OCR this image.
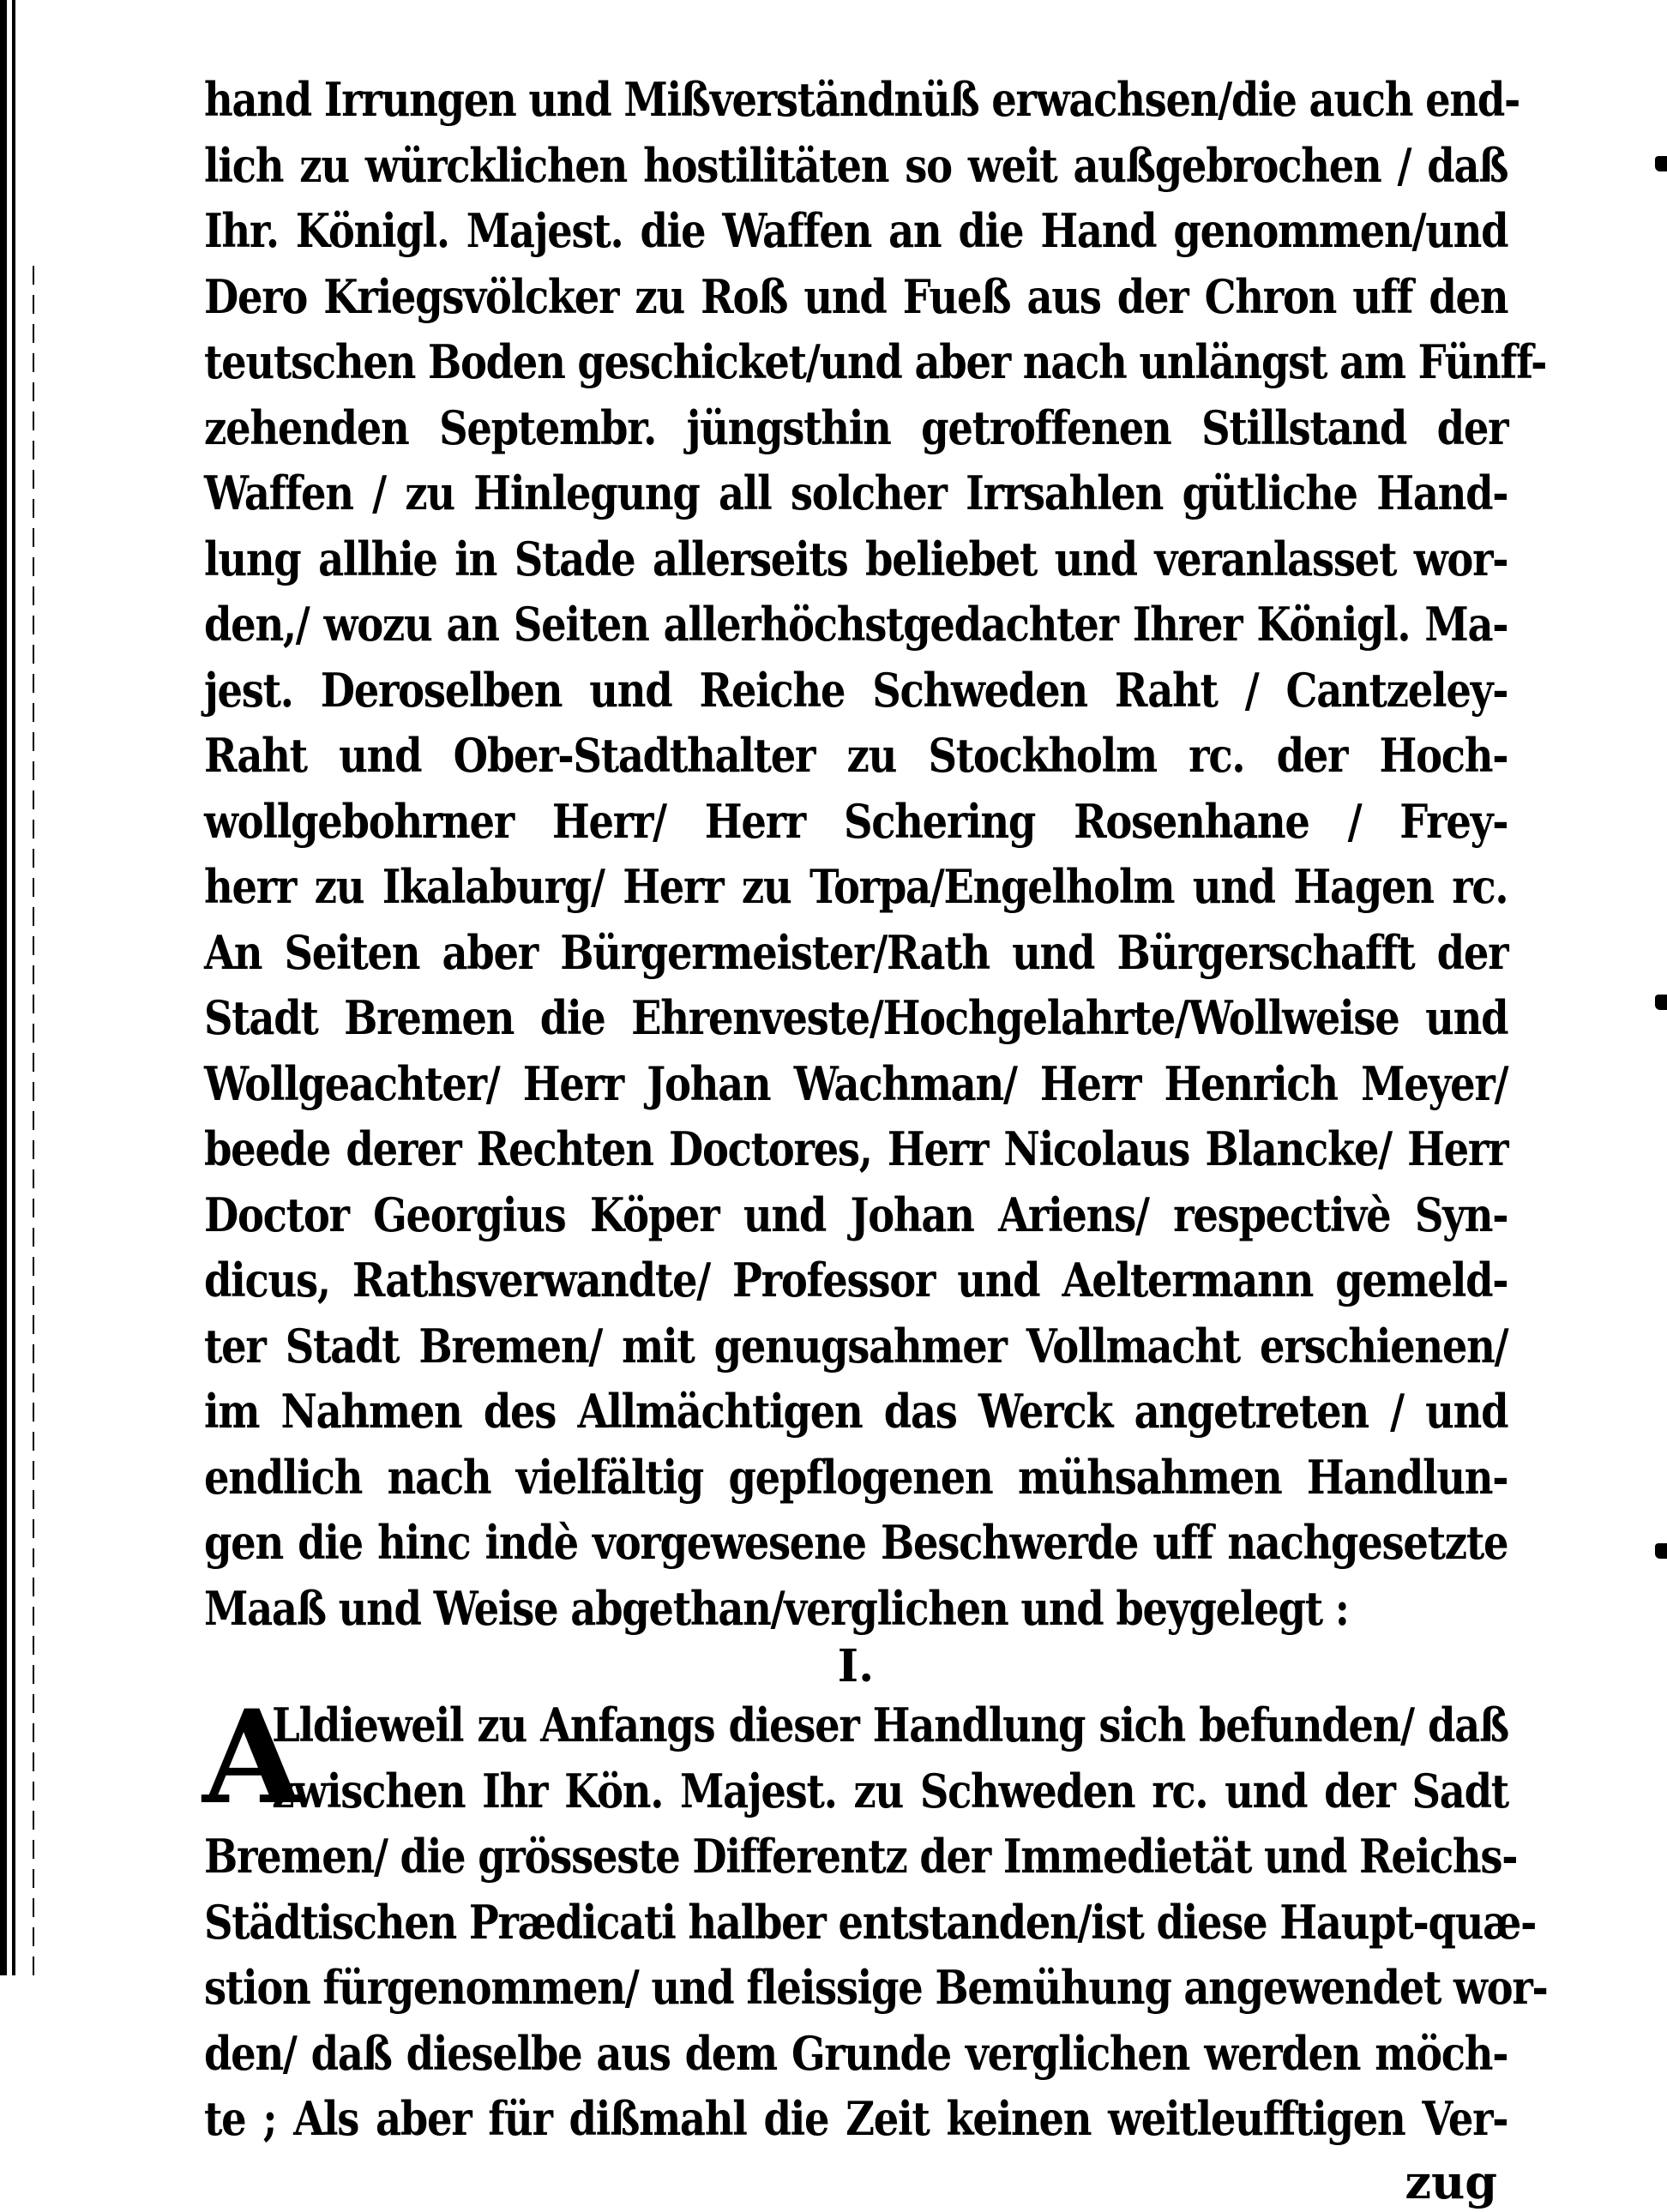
hand Irrungen und Mißverständnüß erwachsen/die auch end-
lich zu würcklichen hostilitäten so weit außgebrochen / daß
Ihr. Königl. Majest. die Waffen an die Hand genommen/und
Dero Kriegsvölcker zu Roß und Fueß aus der Chron uff den
teutschen Boden geschicket/und aber nach unlängst am Fünff-
zehenden Septembr. jüngsthin getroffenen Stillstand der
Waffen / zu Hinlegung all solcher Irrsahlen gütliche Hand-
lung allhie in Stade allerseits beliebet und veranlasset wor-
den,/ wozu an Seiten allerhöchstgedachter Ihrer Königl. Ma-
jest. Deroselben und Reiche Schweden Raht / Cantzeley-
Raht und Ober-Stadthalter zu Stockholm rc. der Hoch-
wollgebohrner Herr/ Herr Schering Rosenhane / Frey-
herr zu Ikalaburg/ Herr zu Torpa/Engelholm und Hagen rc.
An Seiten aber Bürgermeister/Rath und Bürgerschafft der
Stadt Bremen die Ehrenveste/Hochgelahrte/Wollweise und
Wollgeachter/ Herr Johan Wachman/ Herr Henrich Meyer/
beede derer Rechten Doctores, Herr Nicolaus Blancke/ Herr
Doctor Georgius Köper und Johan Ariens/ respectivè Syn-
dicus, Rathsverwandte/ Professor und Aeltermann gemeld-
ter Stadt Bremen/ mit genugsahmer Vollmacht erschienen/
im Nahmen des Allmächtigen das Werck angetreten / und
endlich nach vielfältig gepflogenen mühsahmen Handlun-
gen die hinc indè vorgewesene Beschwerde uff nachgesetzte
Maaß und Weise abgethan/verglichen und beygelegt :
I.
A
Lldieweil zu Anfangs dieser Handlung sich befunden/ daß
zwischen Ihr Kön. Majest. zu Schweden rc. und der Sadt
Bremen/ die grösseste Differentz der Immedietät und Reichs-
Städtischen Prædicati halber entstanden/ist diese Haupt-quæ-
stion fürgenommen/ und fleissige Bemühung angewendet wor-
den/ daß dieselbe aus dem Grunde verglichen werden möch-
te ; Als aber für dißmahl die Zeit keinen weitleufftigen Ver-
zug
